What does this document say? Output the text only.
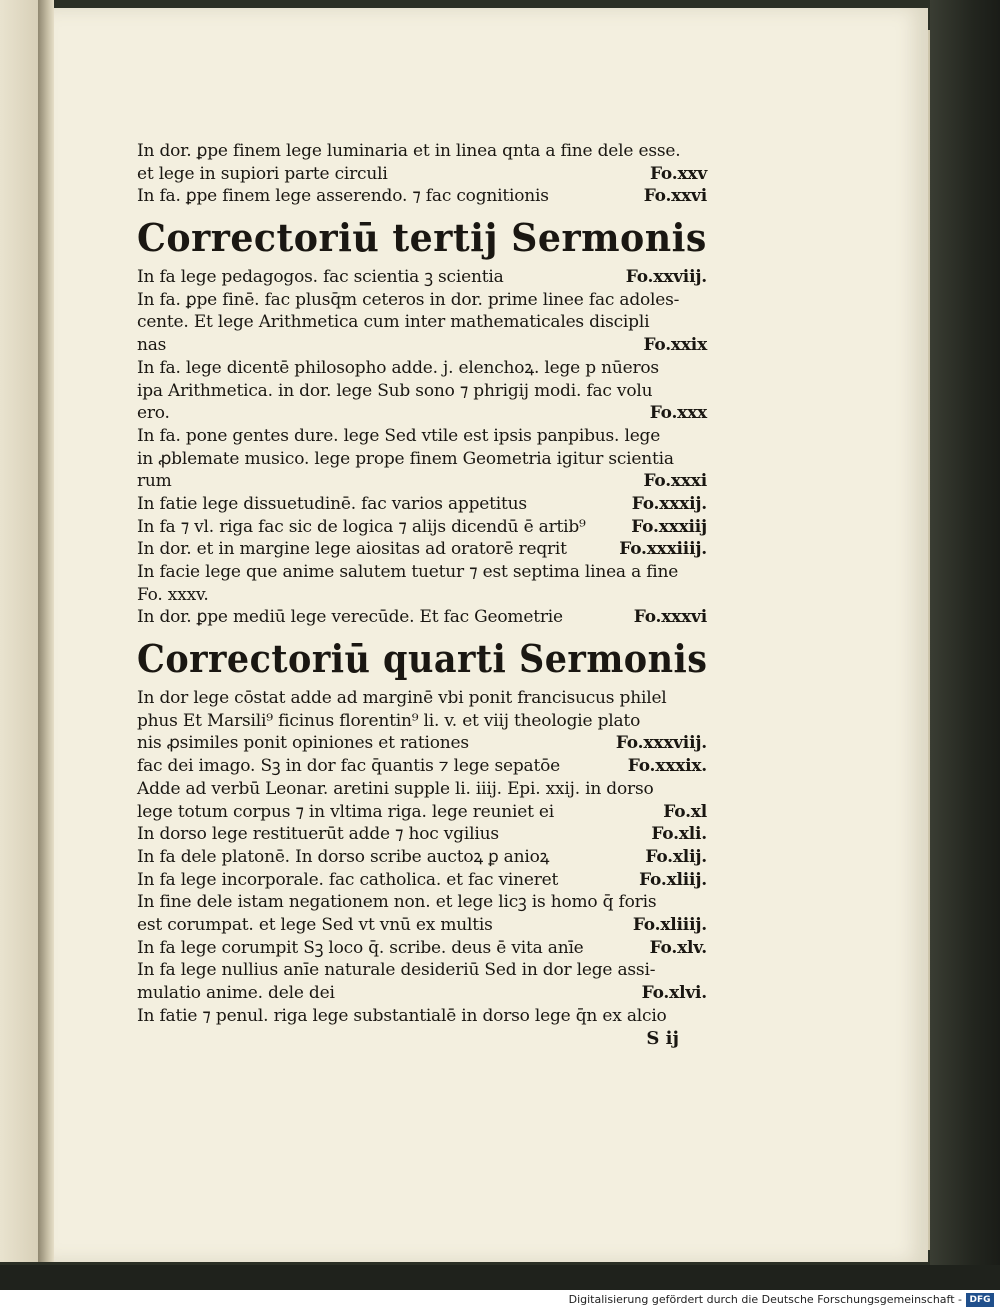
In dor. ꝑpe finem lege luminaria et in linea qnta a fine dele esse.
et lege in supiori parte circuli	Fo.xxv
In fa. ꝑpe finem lege asserendo. ⁊ fac cognitionis	Fo.xxvi
Correctoriū tertij Sermonis
In fa lege pedagogos. fac scientia ꝫ scientia	Fo.xxviij.
In fa. ꝑpe finē. fac plusq̄m ceteros in dor. prime linee fac adoles-
cente. Et lege Arithmetica cum inter mathematicales discipli
nas	Fo.xxix
In fa. lege dicentē philosopho adde. j. elenchoꝝ. lege p nūeros
ipa Arithmetica. in dor. lege Sub sono ⁊ phrigij modi. fac volu
ero.	Fo.xxx
In fa. pone gentes dure. lege Sed vtile est ipsis panpibus. lege
in ꝓblemate musico. lege prope finem Geometria igitur scientia
rum	Fo.xxxi
In fatie lege dissuetudinē. fac varios appetitus	Fo.xxxij.
In fa ⁊ vl. riga fac sic de logica ⁊ alijs dicendū ē artib⁹	Fo.xxxiij
In dor. et in margine lege aiositas ad oratorē reqrit	Fo.xxxiiij.
In facie lege que anime salutem tuetur ⁊ est septima linea a fine
Fo. xxxv.
In dor. ꝑpe mediū lege verecūde. Et fac Geometrie	Fo.xxxvi
Correctoriū quarti Sermonis
In dor lege cōstat adde ad marginē vbi ponit francisucus philel
phus Et Marsili⁹ ficinus florentin⁹ li. v. et viij theologie plato
nis ꝓsimiles ponit opiniones et rationes	Fo.xxxviij.
fac dei imago. Sꝫ in dor fac q̄uantis ⁊ lege sepatōe	Fo.xxxix.
Adde ad verbū Leonar. aretini supple li. iiij. Epi. xxij. in dorso
lege totum corpus ⁊ in vltima riga. lege reuniet ei	Fo.xl
In dorso lege restituerūt adde ⁊ hoc vgilius	Fo.xli.
In fa dele platonē. In dorso scribe auctoꝝ ꝑ anioꝝ	Fo.xlij.
In fa lege incorporale. fac catholica. et fac vineret	Fo.xliij.
In fine dele istam negationem non. et lege licꝫ is homo q̄ foris
est corumpat. et lege Sed vt vnū ex multis	Fo.xliiij.
In fa lege corumpit Sꝫ loco q̄. scribe. deus ē vita anīe	Fo.xlv.
In fa lege nullius anīe naturale desideriū Sed in dor lege assi-
mulatio anime. dele dei	Fo.xlvi.
In fatie ⁊ penul. riga lege substantialē in dorso lege q̄n ex alcio
S ij
Digitalisierung gefördert durch die Deutsche Forschungsgemeinschaft - DFG
